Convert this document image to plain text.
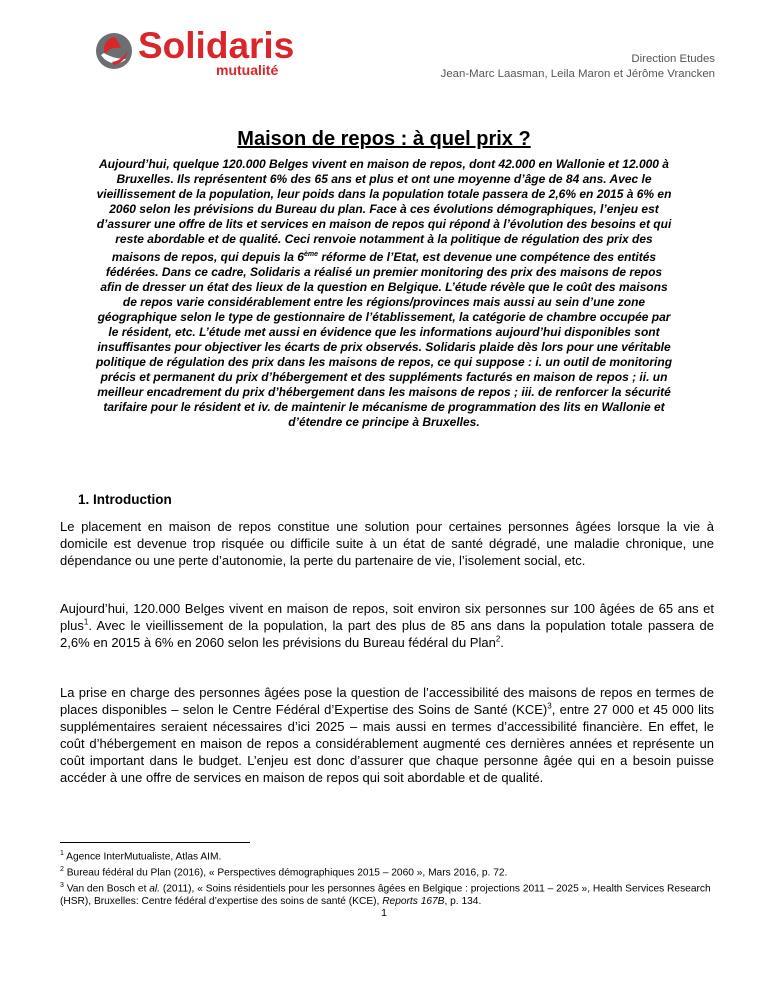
Solidaris
mutualité
Direction Etudes
Jean-Marc Laasman, Leila Maron et Jérôme Vrancken
Maison de repos : à quel prix ?
Aujourd’hui, quelque 120.000 Belges vivent en maison de repos, dont 42.000 en Wallonie et 12.000 à Bruxelles. Ils représentent 6% des 65 ans et plus et ont une moyenne d’âge de 84 ans. Avec le vieillissement de la population, leur poids dans la population totale passera de 2,6% en 2015 à 6% en 2060 selon les prévisions du Bureau du plan. Face à ces évolutions démographiques, l’enjeu est d’assurer une offre de lits et services en maison de repos qui répond à l’évolution des besoins et qui reste abordable et de qualité. Ceci renvoie notamment à la politique de régulation des prix des maisons de repos, qui depuis la 6ème réforme de l’Etat, est devenue une compétence des entités fédérées. Dans ce cadre, Solidaris a réalisé un premier monitoring des prix des maisons de repos afin de dresser un état des lieux de la question en Belgique. L’étude révèle que le coût des maisons de repos varie considérablement entre les régions/provinces mais aussi au sein d’une zone géographique selon le type de gestionnaire de l’établissement, la catégorie de chambre occupée par le résident, etc. L’étude met aussi en évidence que les informations aujourd’hui disponibles sont insuffisantes pour objectiver les écarts de prix observés. Solidaris plaide dès lors pour une véritable politique de régulation des prix dans les maisons de repos, ce qui suppose : i. un outil de monitoring précis et permanent du prix d’hébergement et des suppléments facturés en maison de repos ; ii. un meilleur encadrement du prix d’hébergement dans les maisons de repos ; iii. de renforcer la sécurité tarifaire pour le résident et iv. de maintenir le mécanisme de programmation des lits en Wallonie et d’étendre ce principe à Bruxelles.
1. Introduction
Le placement en maison de repos constitue une solution pour certaines personnes âgées lorsque la vie à domicile est devenue trop risquée ou difficile suite à un état de santé dégradé, une maladie chronique, une dépendance ou une perte d’autonomie, la perte du partenaire de vie, l’isolement social, etc.
Aujourd’hui, 120.000 Belges vivent en maison de repos, soit environ six personnes sur 100 âgées de 65 ans et plus$^1$. Avec le vieillissement de la population, la part des plus de 85 ans dans la population totale passera de 2,6% en 2015 à 6% en 2060 selon les prévisions du Bureau fédéral du Plan$^2$.
La prise en charge des personnes âgées pose la question de l’accessibilité des maisons de repos en termes de places disponibles – selon le Centre Fédéral d’Expertise des Soins de Santé (KCE)$^3$, entre 27 000 et 45 000 lits supplémentaires seraient nécessaires d’ici 2025 – mais aussi en termes d’accessibilité financière. En effet, le coût d’hébergement en maison de repos a considérablement augmenté ces dernières années et représente un coût important dans le budget. L’enjeu est donc d’assurer que chaque personne âgée qui en a besoin puisse accéder à une offre de services en maison de repos qui soit abordable et de qualité.
$^1$ Agence InterMutualiste, Atlas AIM.
$^2$ Bureau fédéral du Plan (2016), « Perspectives démographiques 2015 – 2060 », Mars 2016, p. 72.
$^3$ Van den Bosch et al. (2011), « Soins résidentiels pour les personnes âgées en Belgique : projections 2011 – 2025 », Health Services Research (HSR), Bruxelles: Centre fédéral d’expertise des soins de santé (KCE), Reports 167B, p. 134.
1
